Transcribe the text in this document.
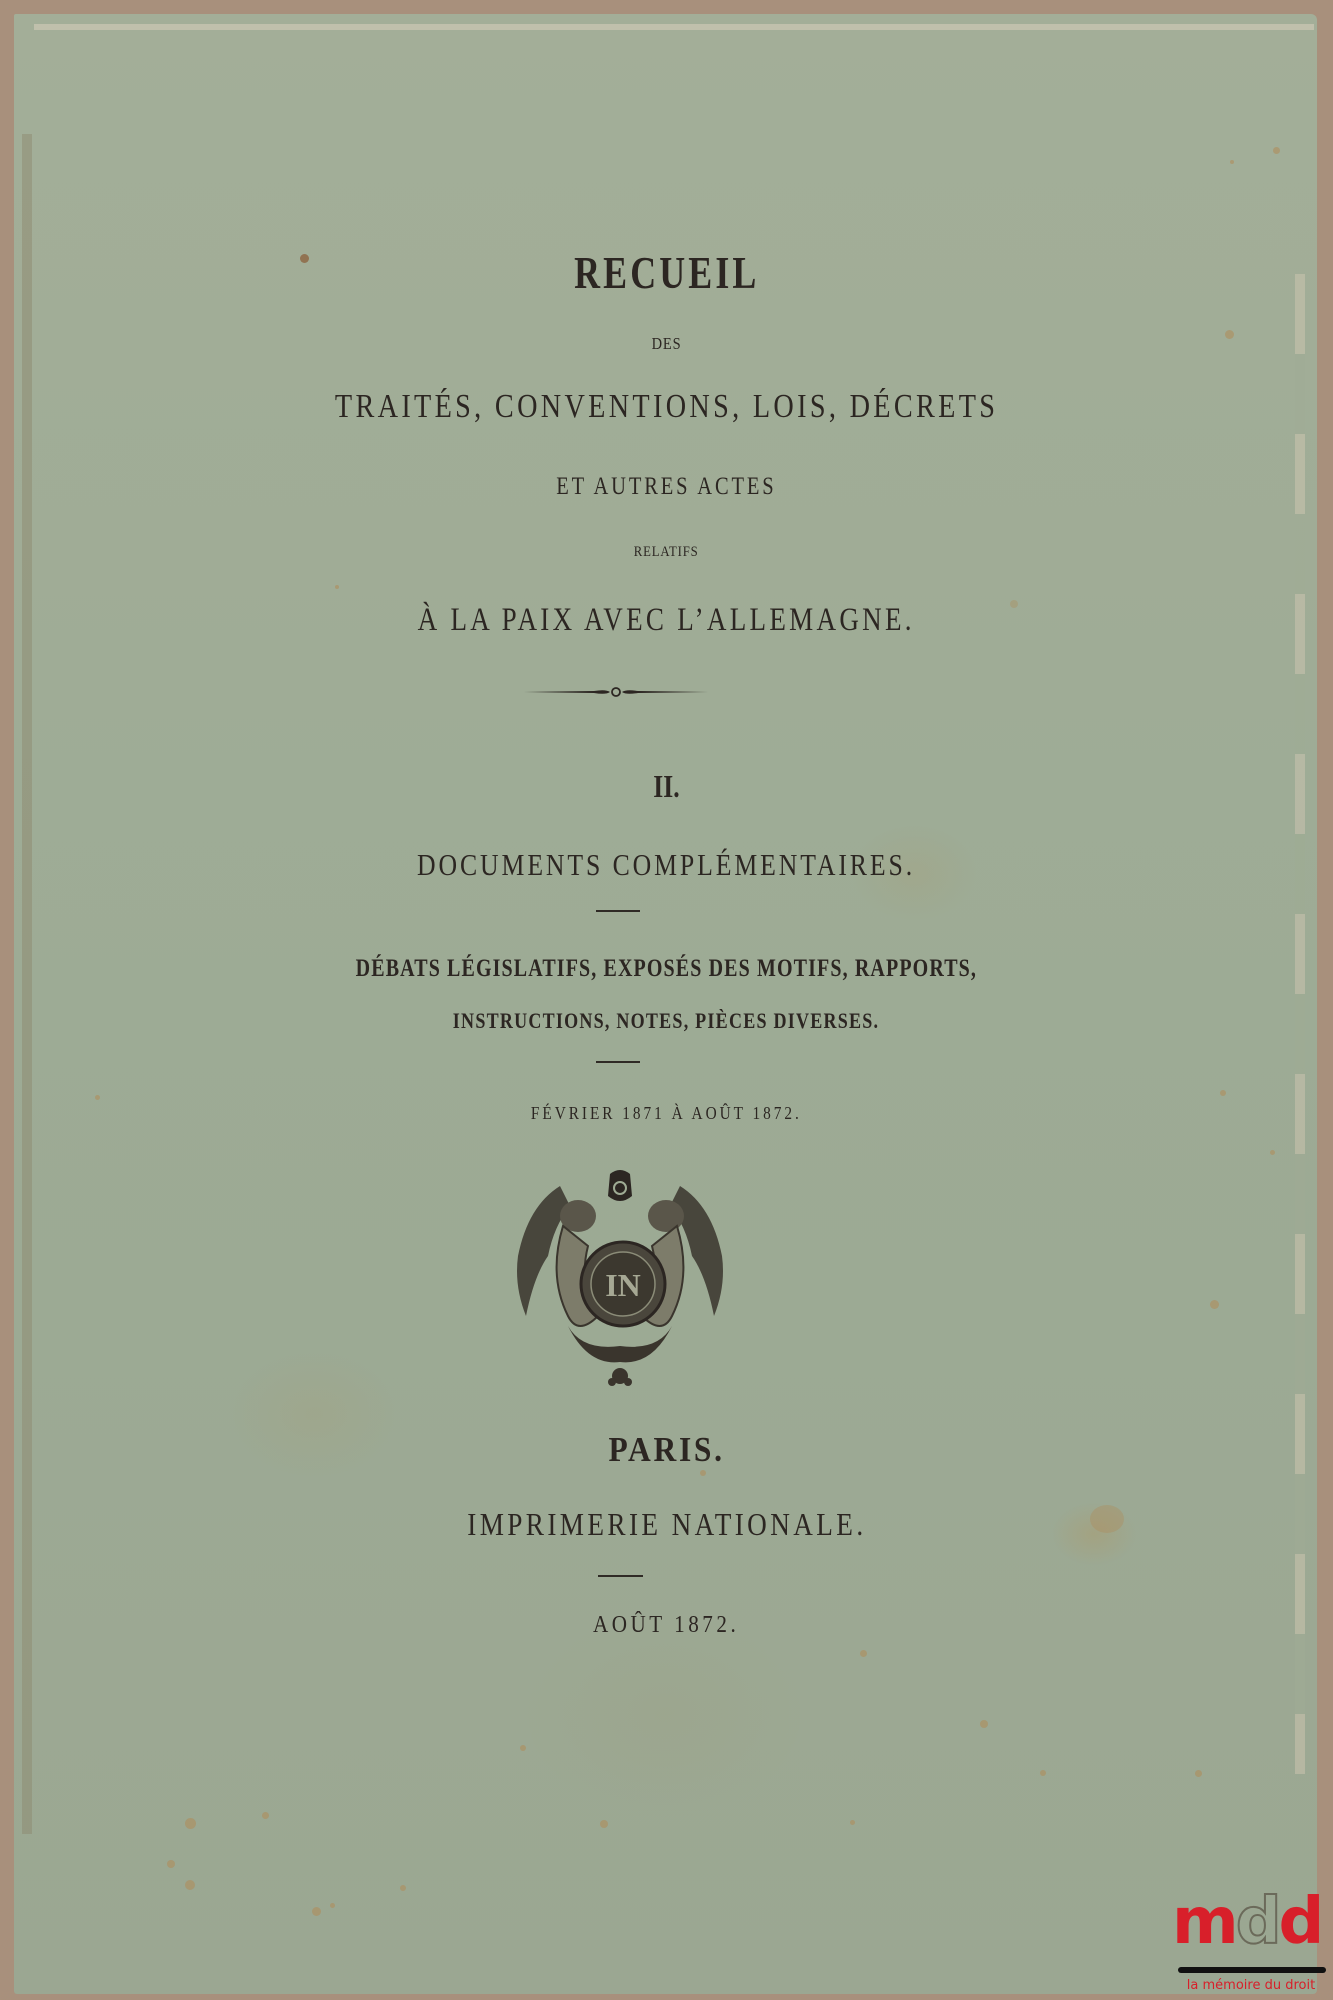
RECUEIL
DES
TRAITÉS, CONVENTIONS, LOIS, DÉCRETS
ET AUTRES ACTES
RELATIFS
À LA PAIX AVEC L’ALLEMAGNE.
II.
DOCUMENTS COMPLÉMENTAIRES.
DÉBATS LÉGISLATIFS, EXPOSÉS DES MOTIFS, RAPPORTS,
INSTRUCTIONS, NOTES, PIÈCES DIVERSES.
FÉVRIER 1871 À AOÛT 1872.
IN
PARIS.
IMPRIMERIE NATIONALE.
AOÛT 1872.
mdd
la mémoire du droit
